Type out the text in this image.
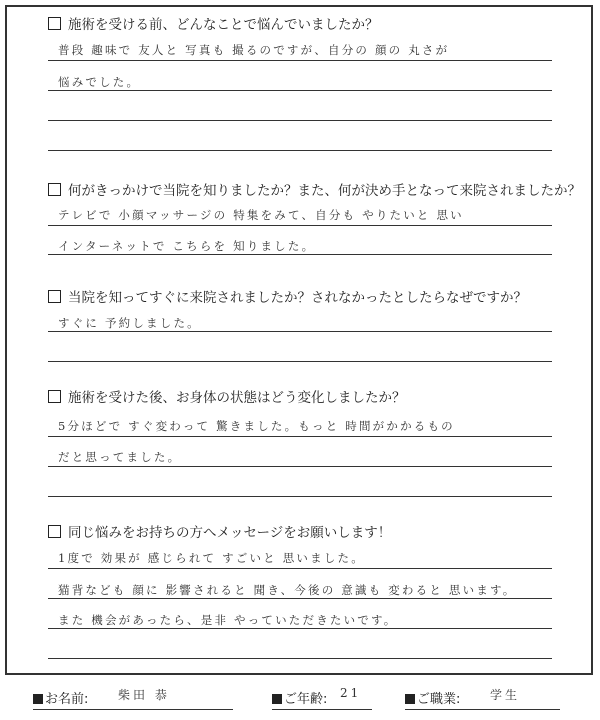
施術を受ける前、どんなことで悩んでいましたか？
普段 趣味で 友人と 写真も 撮るのですが、自分の 顔の 丸さが
悩みでした。
何がきっかけで当院を知りましたか？また、何が決め手となって来院されましたか？
テレビで 小顔マッサージの 特集をみて、自分も やりたいと 思い
インターネットで こちらを 知りました。
当院を知ってすぐに来院されましたか？されなかったとしたらなぜですか？
すぐに 予約しました。
施術を受けた後、お身体の状態はどう変化しましたか？
5分ほどで すぐ変わって 驚きました。もっと 時間がかかるもの
だと思ってました。
同じ悩みをお持ちの方へメッセージをお願いします！
1度で 効果が 感じられて すごいと 思いました。
猫背なども 顔に 影響されると 聞き、今後の 意識も 変わると 思います。
また 機会があったら、是非 やっていただきたいです。
お名前: 柴田 恭	ご年齢: 21	ご職業: 学生
